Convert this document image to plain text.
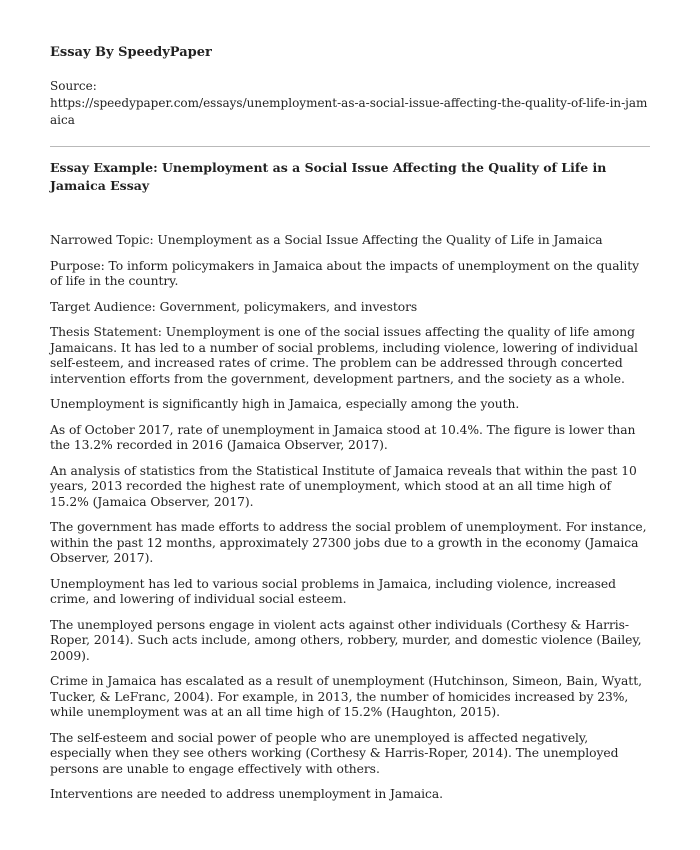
Essay By SpeedyPaper
Source:
https://speedypaper.com/essays/unemployment-as-a-social-issue-affecting-the-quality-of-life-in-jamaica
Essay Example: Unemployment as a Social Issue Affecting the Quality of Life in Jamaica Essay

Narrowed Topic: Unemployment as a Social Issue Affecting the Quality of Life in Jamaica

Purpose: To inform policymakers in Jamaica about the impacts of unemployment on the quality of life in the country.

Target Audience: Government, policymakers, and investors

Thesis Statement: Unemployment is one of the social issues affecting the quality of life among Jamaicans. It has led to a number of social problems, including violence, lowering of individual self-esteem, and increased rates of crime. The problem can be addressed through concerted intervention efforts from the government, development partners, and the society as a whole.

Unemployment is significantly high in Jamaica, especially among the youth.

As of October 2017, rate of unemployment in Jamaica stood at 10.4%. The figure is lower than the 13.2% recorded in 2016 (Jamaica Observer, 2017).

An analysis of statistics from the Statistical Institute of Jamaica reveals that within the past 10 years, 2013 recorded the highest rate of unemployment, which stood at an all time high of 15.2% (Jamaica Observer, 2017).

The government has made efforts to address the social problem of unemployment. For instance, within the past 12 months, approximately 27300 jobs due to a growth in the economy (Jamaica Observer, 2017).

Unemployment has led to various social problems in Jamaica, including violence, increased crime, and lowering of individual social esteem.

The unemployed persons engage in violent acts against other individuals (Corthesy & Harris-Roper, 2014). Such acts include, among others, robbery, murder, and domestic violence (Bailey, 2009).

Crime in Jamaica has escalated as a result of unemployment (Hutchinson, Simeon, Bain, Wyatt, Tucker, & LeFranc, 2004). For example, in 2013, the number of homicides increased by 23%, while unemployment was at an all time high of 15.2% (Haughton, 2015).

The self-esteem and social power of people who are unemployed is affected negatively, especially when they see others working (Corthesy & Harris-Roper, 2014). The unemployed persons are unable to engage effectively with others.

Interventions are needed to address unemployment in Jamaica.
